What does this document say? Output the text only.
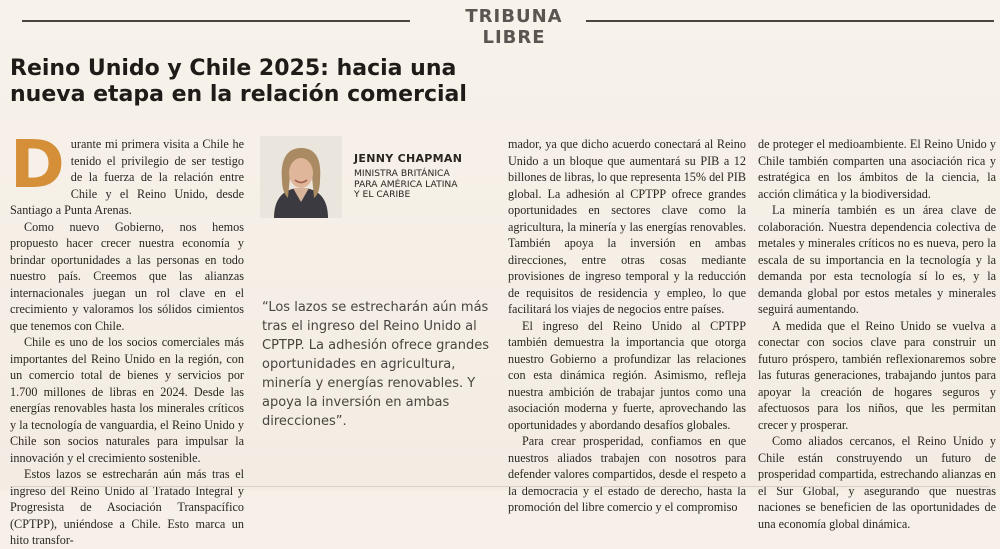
TRIBUNA LIBRE
Reino Unido y Chile 2025: hacia una
nueva etapa en la relación comercial

Durante mi primera visita a Chile he tenido el privilegio de ser testigo de la fuerza de la relación entre Chile y el Reino Unido, desde Santiago a Punta Arenas.

Como nuevo Gobierno, nos hemos propuesto hacer crecer nuestra economía y brindar oportunidades a las personas en todo nuestro país. Creemos que las alianzas internacionales juegan un rol clave en el crecimiento y valoramos los sólidos cimientos que tenemos con Chile.

Chile es uno de los socios comerciales más importantes del Reino Unido en la región, con un comercio total de bienes y servicios por 1.700 millones de libras en 2024. Desde las energías renovables hasta los minerales críticos y la tecnología de vanguardia, el Reino Unido y Chile son socios naturales para impulsar la innovación y el crecimiento sostenible.

Estos lazos se estrecharán aún más tras el ingreso del Reino Unido al Tratado Integral y Progresista de Asociación Transpacífico (CPTPP), uniéndose a Chile. Esto marca un hito transfor-

JENNY CHAPMAN
MINISTRA BRITÁNICA
PARA AMÉRICA LATINA
Y EL CARIBE

“Los lazos se estrecharán aún más tras el ingreso del Reino Unido al CPTPP. La adhesión ofrece grandes oportunidades en agricultura, minería y energías renovables. Y apoya la inversión en ambas direcciones”.

mador, ya que dicho acuerdo conectará al Reino Unido a un bloque que aumentará su PIB a 12 billones de libras, lo que representa 15% del PIB global. La adhesión al CPTPP ofrece grandes oportunidades en sectores clave como la agricultura, la minería y las energías renovables. También apoya la inversión en ambas direcciones, entre otras cosas mediante provisiones de ingreso temporal y la reducción de requisitos de residencia y empleo, lo que facilitará los viajes de negocios entre países.

El ingreso del Reino Unido al CPTPP también demuestra la importancia que otorga nuestro Gobierno a profundizar las relaciones con esta dinámica región. Asimismo, refleja nuestra ambición de trabajar juntos como una asociación moderna y fuerte, aprovechando las oportunidades y abordando desafíos globales.

Para crear prosperidad, confiamos en que nuestros aliados trabajen con nosotros para defender valores compartidos, desde el respeto a la democracia y el estado de derecho, hasta la promoción del libre comercio y el compromiso

de proteger el medioambiente. El Reino Unido y Chile también comparten una asociación rica y estratégica en los ámbitos de la ciencia, la acción climática y la biodiversidad.

La minería también es un área clave de colaboración. Nuestra dependencia colectiva de metales y minerales críticos no es nueva, pero la escala de su importancia en la tecnología y la demanda por esta tecnología sí lo es, y la demanda global por estos metales y minerales seguirá aumentando.

A medida que el Reino Unido se vuelva a conectar con socios clave para construir un futuro próspero, también reflexionaremos sobre las futuras generaciones, trabajando juntos para apoyar la creación de hogares seguros y afectuosos para los niños, que les permitan crecer y prosperar.

Como aliados cercanos, el Reino Unido y Chile están construyendo un futuro de prosperidad compartida, estrechando alianzas en el Sur Global, y asegurando que nuestras naciones se beneficien de las oportunidades de una economía global dinámica.
